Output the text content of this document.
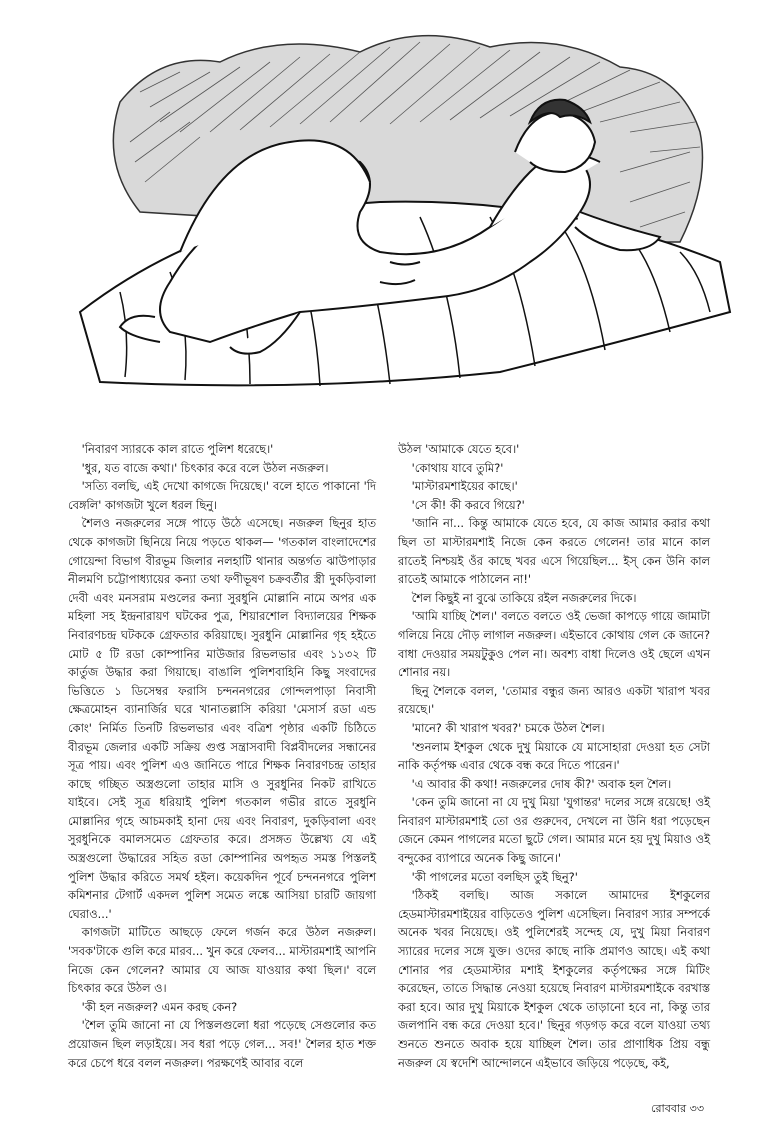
'নিবারণ স্যারকে কাল রাতে পুলিশ ধরেছে।'

'ধুর, যত বাজে কথা।' চিৎকার করে বলে উঠল নজরুল।

'সত্যি বলছি, এই দেখো কাগজে দিয়েছে।' বলে হাতে পাকানো 'দি বেঙ্গলি' কাগজটা খুলে ধরল ছিনু।

শৈলও নজরুলের সঙ্গে পাড়ে উঠে এসেছে। নজরুল ছিনুর হাত থেকে কাগজটা ছিনিয়ে নিয়ে পড়তে থাকল— 'গতকাল বাংলাদেশের গোয়েন্দা বিভাগ বীরভূম জিলার নলহাটি থানার অন্তর্গত ঝাউপাড়ার নীলমণি চট্টোপাধ্যায়ের কন্যা তথা ফণীভূষণ চক্রবর্তীর স্ত্রী দুকড়িবালা দেবী এবং মনসরাম মণ্ডলের কন্যা সুরধুনি মোল্লানি নামে অপর এক মহিলা সহ ইন্দ্রনারায়ণ ঘটকের পুত্র, শিয়ারশোল বিদ্যালয়ের শিক্ষক নিবারণচন্দ্র ঘটককে গ্রেফতার করিয়াছে। সুরধুনি মোল্লানির গৃহ হইতে মোট ৫ টি রডা কোম্পানির মাউজার রিভলভার এবং ১১৩২ টি কার্তুজ উদ্ধার করা গিয়াছে। বাঙালি পুলিশবাহিনি কিছু সংবাদের ভিত্তিতে ১ ডিসেম্বর ফরাসি চন্দননগরের গোন্দলপাড়া নিবাসী ক্ষেত্রমোহন ব্যানার্জির ঘরে খানাতল্লাসি করিয়া 'মেসার্স রডা এন্ড কোং' নির্মিত তিনটি রিভলভার এবং বত্রিশ পৃষ্ঠার একটি চিঠিতে বীরভূম জেলার একটি সক্রিয় গুপ্ত সন্ত্রাসবাদী বিপ্লবীদলের সন্ধানের সূত্র পায়। এবং পুলিশ এও জানিতে পারে শিক্ষক নিবারণচন্দ্র তাহার কাছে গচ্ছিত অস্ত্রগুলো তাহার মাসি ও সুরধুনির নিকট রাখিতে যাইবে। সেই সূত্র ধরিয়াই পুলিশ গতকাল গভীর রাতে সুরধুনি মোল্লানির গৃহে আচমকাই হানা দেয় এবং নিবারণ, দুকড়িবালা এবং সুরধুনিকে বমালসমেত গ্রেফতার করে। প্রসঙ্গত উল্লেখ্য যে এই অস্ত্রগুলো উদ্ধারের সহিত রডা কোম্পানির অপহৃত সমস্ত পিস্তলই পুলিশ উদ্ধার করিতে সমর্থ হইল। কয়েকদিন পূর্বে চন্দননগরে পুলিশ কমিশনার টেগার্ট একদল পুলিশ সমেত লঙ্কে আসিয়া চারটি জায়গা ঘেরাও...'

কাগজটা মাটিতে আছড়ে ফেলে গর্জন করে উঠল নজরুল। 'সবক'টাকে গুলি করে মারব... খুন করে ফেলব... মাস্টারমশাই আপনি নিজে কেন গেলেন? আমার যে আজ যাওয়ার কথা ছিল।' বলে চিৎকার করে উঠল ও।

'কী হল নজরুল? এমন করছ কেন?

'শৈল তুমি জানো না যে পিস্তলগুলো ধরা পড়েছে সেগুলোর কত প্রয়োজন ছিল লড়াইয়ে। সব ধরা পড়ে গেল... সব!' শৈলর হাত শক্ত করে চেপে ধরে বলল নজরুল। পরক্ষণেই আবার বলে

উঠল 'আমাকে যেতে হবে।'

'কোথায় যাবে তুমি?'

'মাস্টারমশাইয়ের কাছে।'

'সে কী! কী করবে গিয়ে?'

'জানি না... কিন্তু আমাকে যেতে হবে, যে কাজ আমার করার কথা ছিল তা মাস্টারমশাই নিজে কেন করতে গেলেন! তার মানে কাল রাতেই নিশ্চয়ই ওঁর কাছে খবর এসে গিয়েছিল... ইস্ কেন উনি কাল রাতেই আমাকে পাঠালেন না!'

শৈল কিছুই না বুঝে তাকিয়ে রইল নজরুলের দিকে।

'আমি যাচ্ছি শৈল।' বলতে বলতে ওই ভেজা কাপড়ে গায়ে জামাটা গলিয়ে নিয়ে দৌড় লাগাল নজরুল। এইভাবে কোথায় গেল কে জানে? বাধা দেওয়ার সময়টুকুও পেল না। অবশ্য বাধা দিলেও ওই ছেলে এখন শোনার নয়।

ছিনু শৈলকে বলল, 'তোমার বন্ধুর জন্য আরও একটা খারাপ খবর রয়েছে।'

'মানে? কী খারাপ খবর?' চমকে উঠল শৈল।

'শুনলাম ইশকুল থেকে দুখু মিয়াকে যে মাসোহারা দেওয়া হত সেটা নাকি কর্তৃপক্ষ এবার থেকে বন্ধ করে দিতে পারেন।'

'এ আবার কী কথা! নজরুলের দোষ কী?' অবাক হল শৈল।

'কেন তুমি জানো না যে দুখু মিয়া 'যুগান্তর' দলের সঙ্গে রয়েছে! ওই নিবারণ মাস্টারমশাই তো ওর গুরুদেব, দেখলে না উনি ধরা পড়েছেন জেনে কেমন পাগলের মতো ছুটে গেল। আমার মনে হয় দুখু মিয়াও ওই বন্দুকের ব্যাপারে অনেক কিছু জানে।'

'কী পাগলের মতো বলছিস তুই ছিনু?'

'ঠিকই বলছি। আজ সকালে আমাদের ইশকুলের হেডমাস্টারমশাইয়ের বাড়িতেও পুলিশ এসেছিল। নিবারণ স্যার সম্পর্কে অনেক খবর নিয়েছে। ওই পুলিশেরই সন্দেহ যে, দুখু মিয়া নিবারণ স্যারের দলের সঙ্গে যুক্ত। ওদের কাছে নাকি প্রমাণও আছে। এই কথা শোনার পর হেডমাস্টার মশাই ইশকুলের কর্তৃপক্ষের সঙ্গে মিটিং করেছেন, তাতে সিদ্ধান্ত নেওয়া হয়েছে নিবারণ মাস্টারমশাইকে বরখাস্ত করা হবে। আর দুখু মিয়াকে ইশকুল থেকে তাড়ানো হবে না, কিন্তু তার জলপানি বন্ধ করে দেওয়া হবে।' ছিনুর গড়গড় করে বলে যাওয়া তথ্য শুনতে শুনতে অবাক হয়ে যাচ্ছিল শৈল। তার প্রাণাধিক প্রিয় বন্ধু নজরুল যে স্বদেশি আন্দোলনে এইভাবে জড়িয়ে পড়েছে, কই,

রোববার ৩৩
